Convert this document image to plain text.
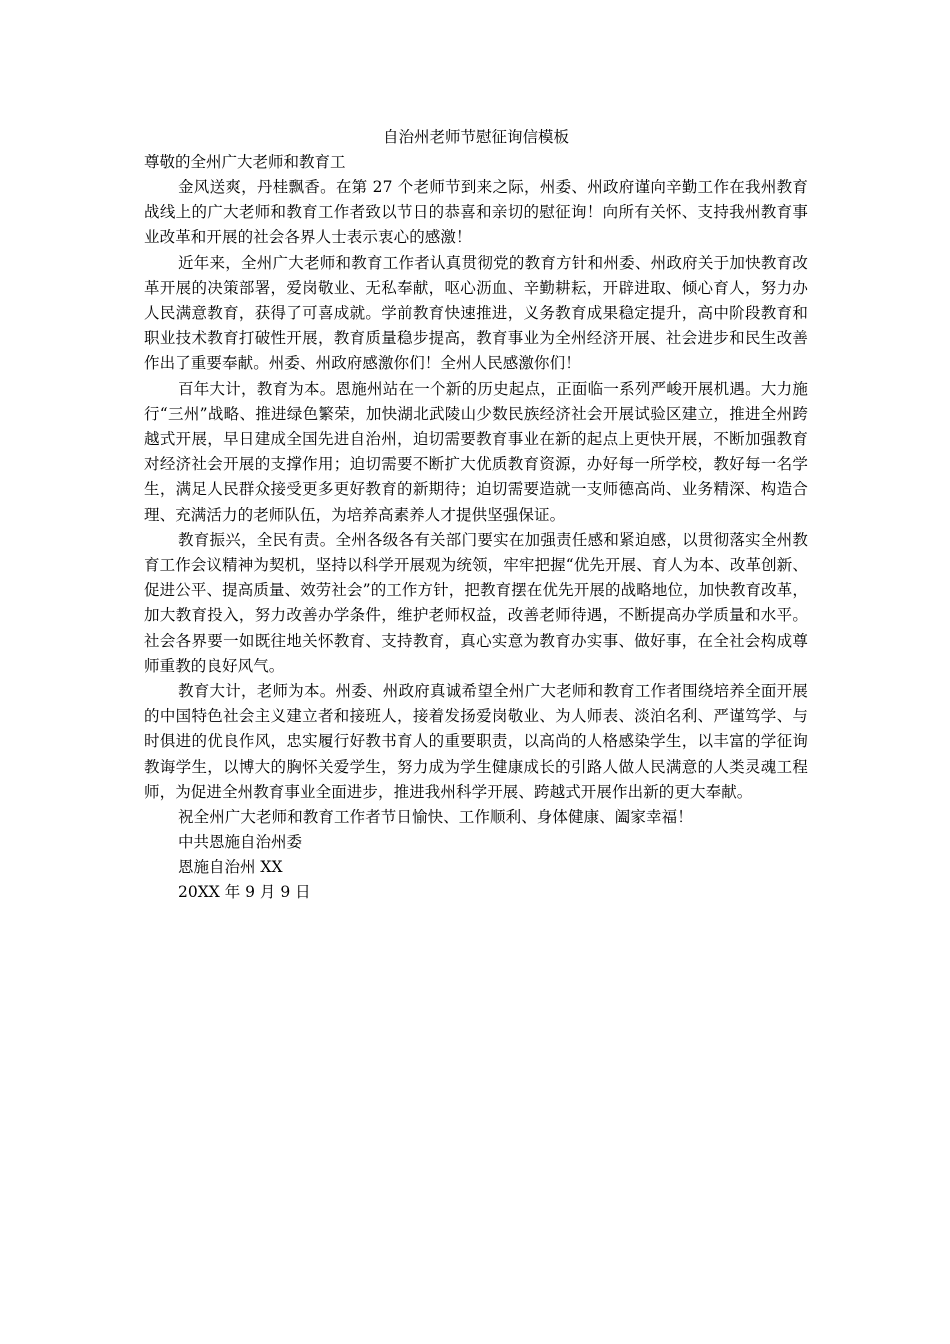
自治州老师节慰征询信模板

尊敬的全州广大老师和教育工

金风送爽，丹桂飘香。在第 27 个老师节到来之际，州委、州政府谨向辛勤工作在我州教育战线上的广大老师和教育工作者致以节日的恭喜和亲切的慰征询！向所有关怀、支持我州教育事业改革和开展的社会各界人士表示衷心的感激！

近年来，全州广大老师和教育工作者认真贯彻党的教育方针和州委、州政府关于加快教育改革开展的决策部署，爱岗敬业、无私奉献，呕心沥血、辛勤耕耘，开辟进取、倾心育人，努力办人民满意教育，获得了可喜成就。学前教育快速推进，义务教育成果稳定提升，高中阶段教育和职业技术教育打破性开展，教育质量稳步提高，教育事业为全州经济开展、社会进步和民生改善作出了重要奉献。州委、州政府感激你们！全州人民感激你们！

百年大计，教育为本。恩施州站在一个新的历史起点，正面临一系列严峻开展机遇。大力施行“三州”战略、推进绿色繁荣，加快湖北武陵山少数民族经济社会开展试验区建立，推进全州跨越式开展，早日建成全国先进自治州，迫切需要教育事业在新的起点上更快开展，不断加强教育对经济社会开展的支撑作用；迫切需要不断扩大优质教育资源，办好每一所学校，教好每一名学生，满足人民群众接受更多更好教育的新期待；迫切需要造就一支师德高尚、业务精深、构造合理、充满活力的老师队伍，为培养高素养人才提供坚强保证。

教育振兴，全民有责。全州各级各有关部门要实在加强责任感和紧迫感，以贯彻落实全州教育工作会议精神为契机，坚持以科学开展观为统领，牢牢把握“优先开展、育人为本、改革创新、促进公平、提高质量、效劳社会”的工作方针，把教育摆在优先开展的战略地位，加快教育改革，加大教育投入，努力改善办学条件，维护老师权益，改善老师待遇，不断提高办学质量和水平。社会各界要一如既往地关怀教育、支持教育，真心实意为教育办实事、做好事，在全社会构成尊师重教的良好风气。

教育大计，老师为本。州委、州政府真诚希望全州广大老师和教育工作者围绕培养全面开展的中国特色社会主义建立者和接班人，接着发扬爱岗敬业、为人师表、淡泊名利、严谨笃学、与时俱进的优良作风，忠实履行好教书育人的重要职责，以高尚的人格感染学生，以丰富的学征询教诲学生，以博大的胸怀关爱学生，努力成为学生健康成长的引路人做人民满意的人类灵魂工程师，为促进全州教育事业全面进步，推进我州科学开展、跨越式开展作出新的更大奉献。

祝全州广大老师和教育工作者节日愉快、工作顺利、身体健康、阖家幸福！

中共恩施自治州委

恩施自治州 XX

20XX 年 9 月 9 日
